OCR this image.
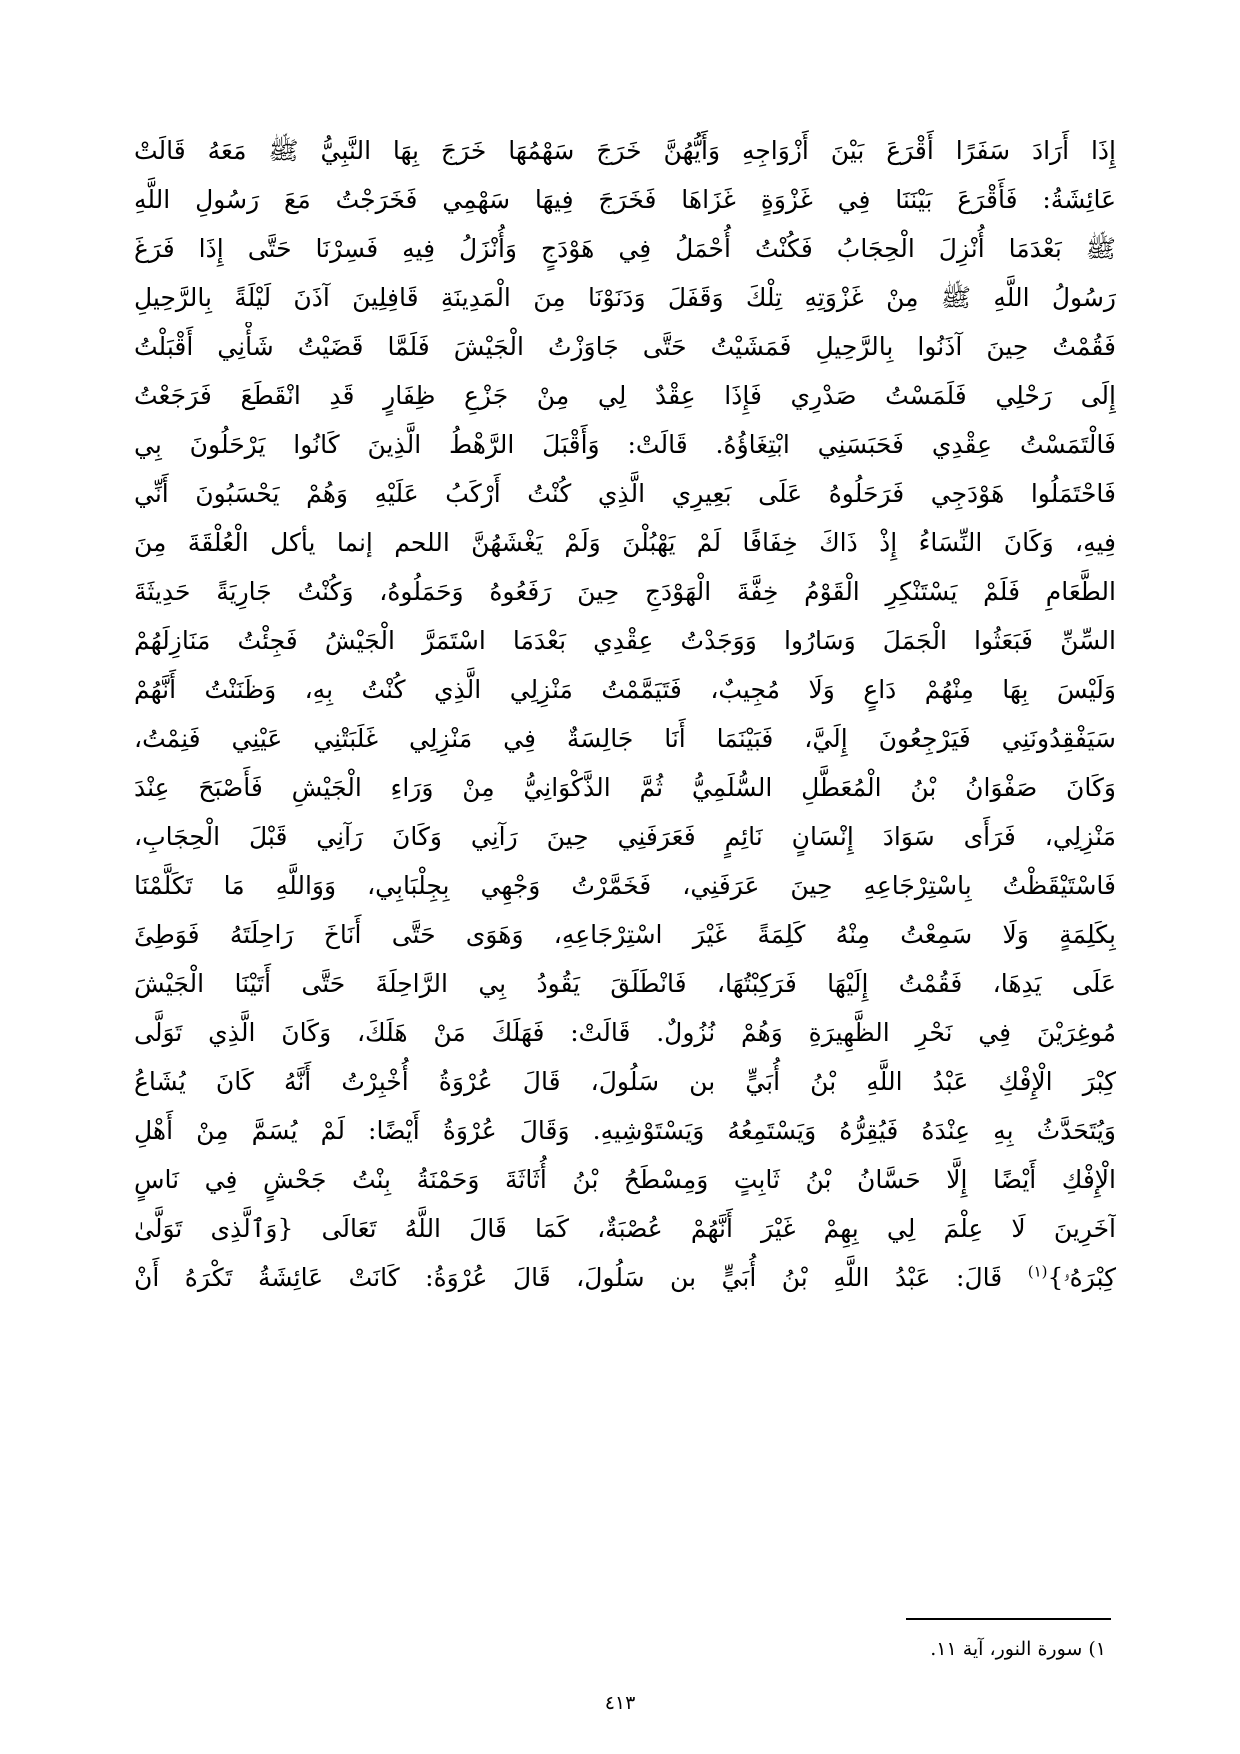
إِذَا أَرَادَ سَفَرًا أَقْرَعَ بَيْنَ أَزْوَاجِهِ وَأَيُّهُنَّ خَرَجَ سَهْمُهَا خَرَجَ بِهَا النَّبِيُّ ﷺ مَعَهُ قَالَتْ
عَائِشَةُ: فَأَقْرَعَ بَيْنَنَا فِي غَزْوَةٍ غَزَاهَا فَخَرَجَ فِيهَا سَهْمِي فَخَرَجْتُ مَعَ رَسُولِ اللَّهِ
ﷺ بَعْدَمَا أُنْزِلَ الْحِجَابُ فَكُنْتُ أُحْمَلُ فِي هَوْدَجٍ وَأُنْزَلُ فِيهِ فَسِرْنَا حَتَّى إِذَا فَرَغَ
رَسُولُ اللَّهِ ﷺ مِنْ غَزْوَتِهِ تِلْكَ وَقَفَلَ وَدَنَوْنَا مِنَ الْمَدِينَةِ قَافِلِينَ آذَنَ لَيْلَةً بِالرَّحِيلِ
فَقُمْتُ حِينَ آذَنُوا بِالرَّحِيلِ فَمَشَيْتُ حَتَّى جَاوَزْتُ الْجَيْشَ فَلَمَّا قَضَيْتُ شَأْنِي أَقْبَلْتُ
إِلَى رَحْلِي فَلَمَسْتُ صَدْرِي فَإِذَا عِقْدٌ لِي مِنْ جَزْعِ ظِفَارٍ قَدِ انْقَطَعَ فَرَجَعْتُ
فَالْتَمَسْتُ عِقْدِي فَحَبَسَنِي ابْتِغَاؤُهُ. قَالَتْ: وَأَقْبَلَ الرَّهْطُ الَّذِينَ كَانُوا يَرْحَلُونَ بِي
فَاحْتَمَلُوا هَوْدَجِي فَرَحَلُوهُ عَلَى بَعِيرِي الَّذِي كُنْتُ أَرْكَبُ عَلَيْهِ وَهُمْ يَحْسَبُونَ أَنِّي
فِيهِ، وَكَانَ النِّسَاءُ إِذْ ذَاكَ خِفَافًا لَمْ يَهْبُلْنَ وَلَمْ يَغْشَهُنَّ اللحم إنما يأكل الْعُلْقَةَ مِنَ
الطَّعَامِ فَلَمْ يَسْتَنْكِرِ الْقَوْمُ خِفَّةَ الْهَوْدَجِ حِينَ رَفَعُوهُ وَحَمَلُوهُ، وَكُنْتُ جَارِيَةً حَدِيثَةَ
السِّنِّ فَبَعَثُوا الْجَمَلَ وَسَارُوا وَوَجَدْتُ عِقْدِي بَعْدَمَا اسْتَمَرَّ الْجَيْشُ فَجِئْتُ مَنَازِلَهُمْ
وَلَيْسَ بِهَا مِنْهُمْ دَاعٍ وَلَا مُجِيبٌ، فَتَيَمَّمْتُ مَنْزِلِي الَّذِي كُنْتُ بِهِ، وَظَنَنْتُ أَنَّهُمْ
سَيَفْقِدُونَنِي فَيَرْجِعُونَ إِلَيَّ، فَبَيْنَمَا أَنَا جَالِسَةٌ فِي مَنْزِلِي غَلَبَتْنِي عَيْنِي فَنِمْتُ،
وَكَانَ صَفْوَانُ بْنُ الْمُعَطَّلِ السُّلَمِيُّ ثُمَّ الذَّكْوَانِيُّ مِنْ وَرَاءِ الْجَيْشِ فَأَصْبَحَ عِنْدَ
مَنْزِلِي، فَرَأَى سَوَادَ إِنْسَانٍ نَائِمٍ فَعَرَفَنِي حِينَ رَآنِي وَكَانَ رَآنِي قَبْلَ الْحِجَابِ،
فَاسْتَيْقَظْتُ بِاسْتِرْجَاعِهِ حِينَ عَرَفَنِي، فَخَمَّرْتُ وَجْهِي بِجِلْبَابِي، وَوَاللَّهِ مَا تَكَلَّمْنَا
بِكَلِمَةٍ وَلَا سَمِعْتُ مِنْهُ كَلِمَةً غَيْرَ اسْتِرْجَاعِهِ، وَهَوَى حَتَّى أَنَاخَ رَاحِلَتَهُ فَوَطِئَ
عَلَى يَدِهَا، فَقُمْتُ إِلَيْهَا فَرَكِبْتُهَا، فَانْطَلَقَ يَقُودُ بِي الرَّاحِلَةَ حَتَّى أَتَيْنَا الْجَيْشَ
مُوغِرَيْنَ فِي نَحْرِ الظَّهِيرَةِ وَهُمْ نُزُولٌ. قَالَتْ: فَهَلَكَ مَنْ هَلَكَ، وَكَانَ الَّذِي تَوَلَّى
كِبْرَ الْإِفْكِ عَبْدُ اللَّهِ بْنُ أُبَيٍّ بن سَلُولَ، قَالَ عُرْوَةُ أُخْبِرْتُ أَنَّهُ كَانَ يُشَاعُ
وَيُتَحَدَّثُ بِهِ عِنْدَهُ فَيُقِرُّهُ وَيَسْتَمِعُهُ وَيَسْتَوْشِيهِ. وَقَالَ عُرْوَةُ أَيْضًا: لَمْ يُسَمَّ مِنْ أَهْلِ
الْإِفْكِ أَيْضًا إِلَّا حَسَّانُ بْنُ ثَابِتٍ وَمِسْطَحُ بْنُ أُثَاثَةَ وَحَمْنَةُ بِنْتُ جَحْشٍ فِي نَاسٍ
آخَرِينَ لَا عِلْمَ لِي بِهِمْ غَيْرَ أَنَّهُمْ عُصْبَةٌ، كَمَا قَالَ اللَّهُ تَعَالَى {وَٱلَّذِى تَوَلَّىٰ
كِبْرَهُۥ}$^{(١)}$ قَالَ: عَبْدُ اللَّهِ بْنُ أُبَيٍّ بن سَلُولَ، قَالَ عُرْوَةُ: كَانَتْ عَائِشَةُ تَكْرَهُ أَنْ
١) سورة النور، آية ١١.
٤١٣
